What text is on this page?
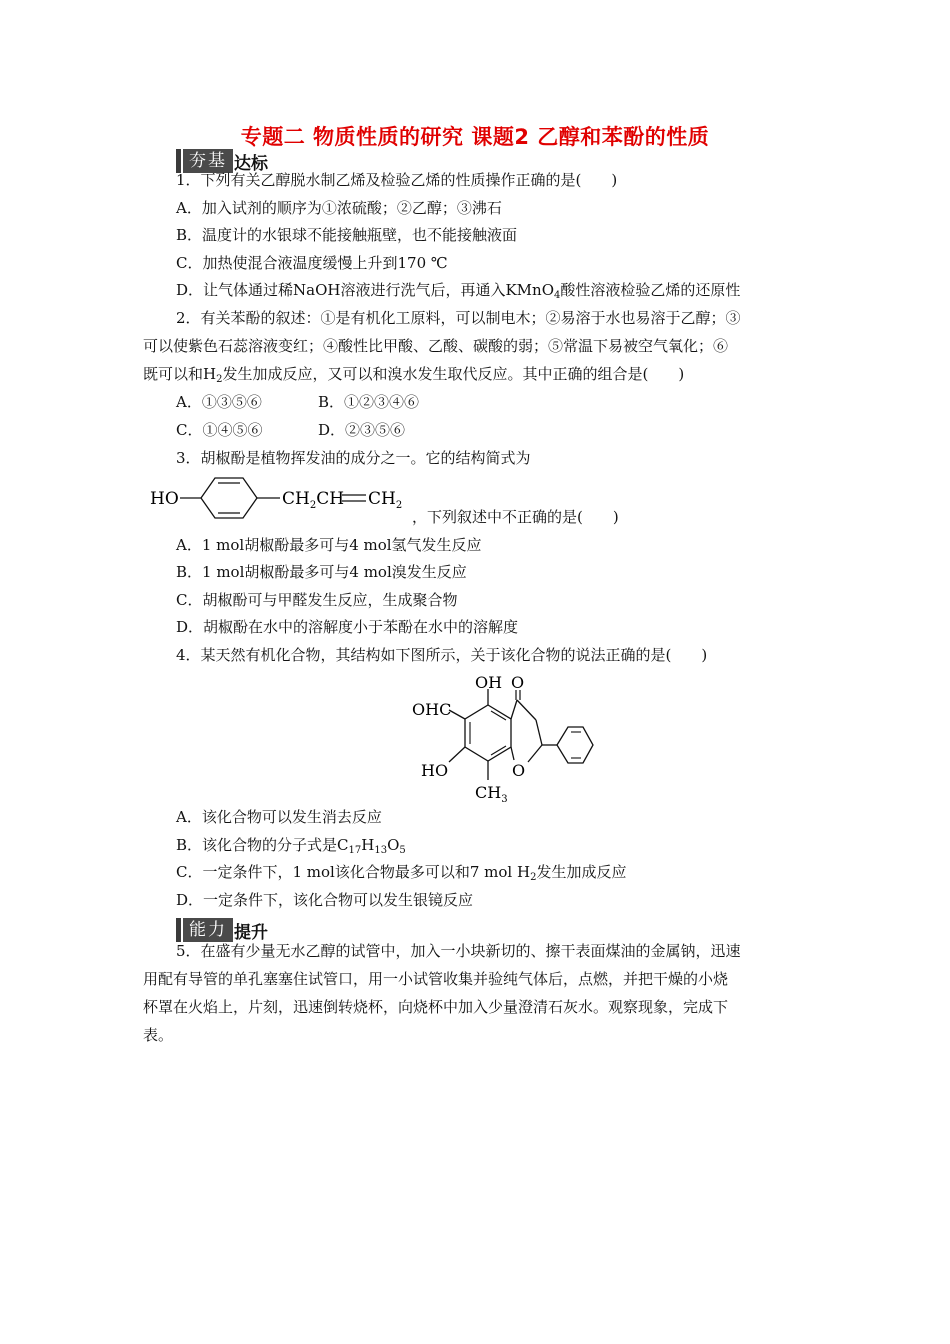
专题二 物质性质的研究 课题2 乙醇和苯酚的性质
夯基 达标
1．下列有关乙醇脱水制乙烯及检验乙烯的性质操作正确的是(　　)
A．加入试剂的顺序为①浓硫酸；②乙醇；③沸石
B．温度计的水银球不能接触瓶壁，也不能接触液面
C．加热使混合液温度缓慢上升到170 ℃
D．让气体通过稀NaOH溶液进行洗气后，再通入KMnO$_4$酸性溶液检验乙烯的还原性
2．有关苯酚的叙述：①是有机化工原料，可以制电木；②易溶于水也易溶于乙醇；③
可以使紫色石蕊溶液变红；④酸性比甲酸、乙酸、碳酸的弱；⑤常温下易被空气氧化；⑥
既可以和$H_2$发生加成反应，又可以和溴水发生取代反应。其中正确的组合是(　　)
A．①③⑤⑥	B．①②③④⑥
C．①④⑤⑥	D．②③⑤⑥
3．胡椒酚是植物挥发油的成分之一。它的结构简式为
HO	$CH_2CH$ $CH_2$
，下列叙述中不正确的是(　　)
A．1 mol胡椒酚最多可与4 mol氢气发生反应
B．1 mol胡椒酚最多可与4 mol溴发生反应
C．胡椒酚可与甲醛发生反应，生成聚合物
D．胡椒酚在水中的溶解度小于苯酚在水中的溶解度
4．某天然有机化合物，其结构如下图所示，关于该化合物的说法正确的是(　　)
OH
OHC
HO
$CH_3$
O
O
A．该化合物可以发生消去反应
B．该化合物的分子式是$C_{17}H_{13}O_5$
C．一定条件下，1 mol该化合物最多可以和7 mol $H_2$发生加成反应
D．一定条件下，该化合物可以发生银镜反应
能力 提升
5．在盛有少量无水乙醇的试管中，加入一小块新切的、擦干表面煤油的金属钠，迅速
用配有导管的单孔塞塞住试管口，用一小试管收集并验纯气体后，点燃，并把干燥的小烧
杯罩在火焰上，片刻，迅速倒转烧杯，向烧杯中加入少量澄清石灰水。观察现象，完成下
表。
